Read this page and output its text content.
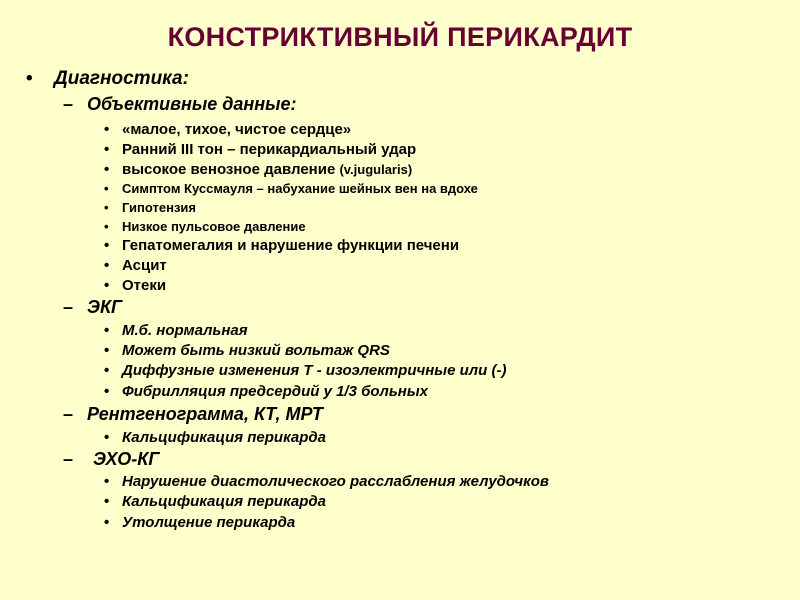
КОНСТРИКТИВНЫЙ ПЕРИКАРДИТ
• Диагностика:
– Объективные данные:
• «малое, тихое, чистое сердце»
• Ранний III тон – перикардиальный удар
• высокое венозное давление (v.jugularis)
• Симптом Куссмауля – набухание шейных вен на вдохе
• Гипотензия
• Низкое пульсовое давление
• Гепатомегалия и нарушение функции печени
• Асцит
• Отеки
– ЭКГ
• М.б. нормальная
• Может быть низкий вольтаж QRS
• Диффузные изменения Т - изоэлектричные или (-)
• Фибрилляция предсердий у 1/3 больных
– Рентгенограмма, КТ, МРТ
• Кальцификация перикарда
– ЭХО-КГ
• Нарушение диастолического расслабления желудочков
• Кальцификация перикарда
• Утолщение перикарда
